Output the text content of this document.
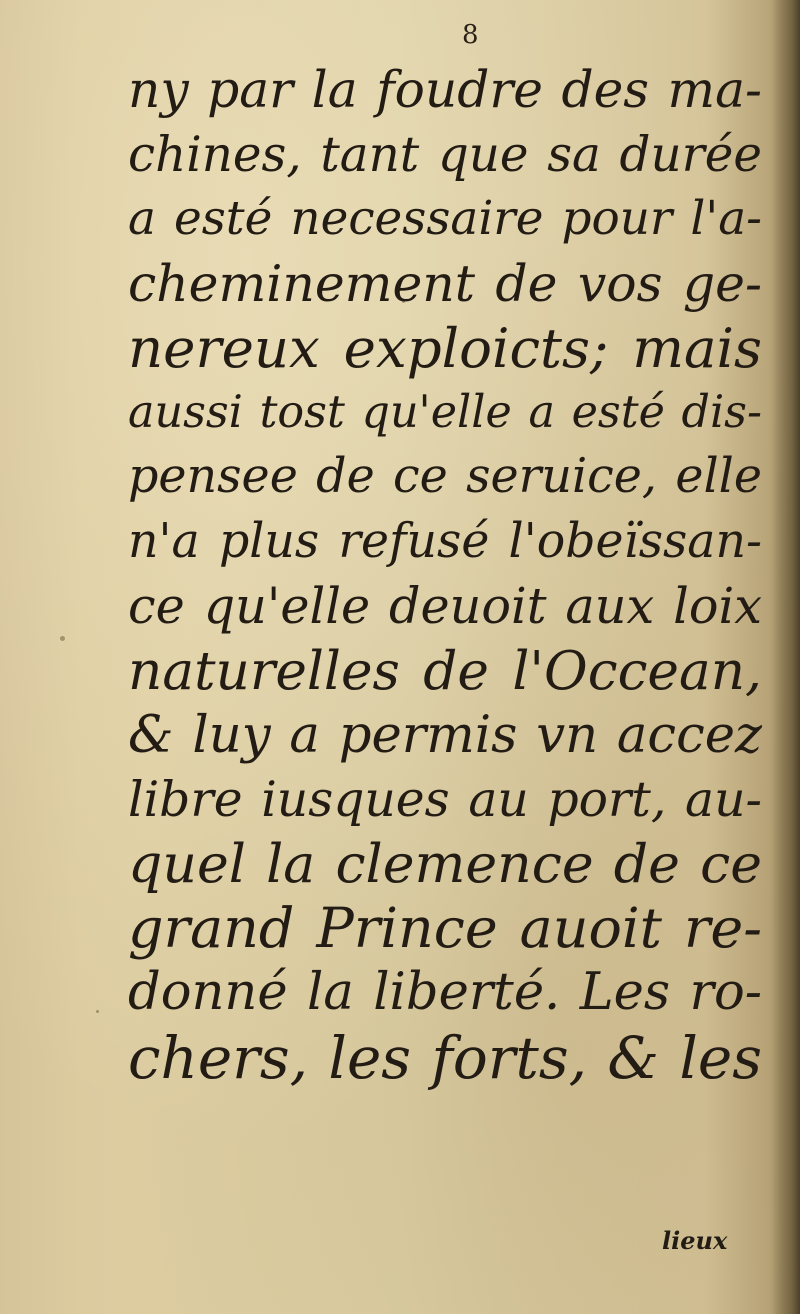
8
ny par la foudre des ma-
chines, tant que sa durée
a esté necessaire pour l'a-
cheminement de vos ge-
nereux exploicts; mais
aussi tost qu'elle a esté dis-
pensee de ce seruice, elle
n'a plus refusé l'obeïssan-
ce qu'elle deuoit aux loix
naturelles de l'Occean,
& luy a permis vn accez
libre iusques au port, au-
quel la clemence de ce
grand Prince auoit re-
donné la liberté. Les ro-
chers, les forts, & les
lieux
